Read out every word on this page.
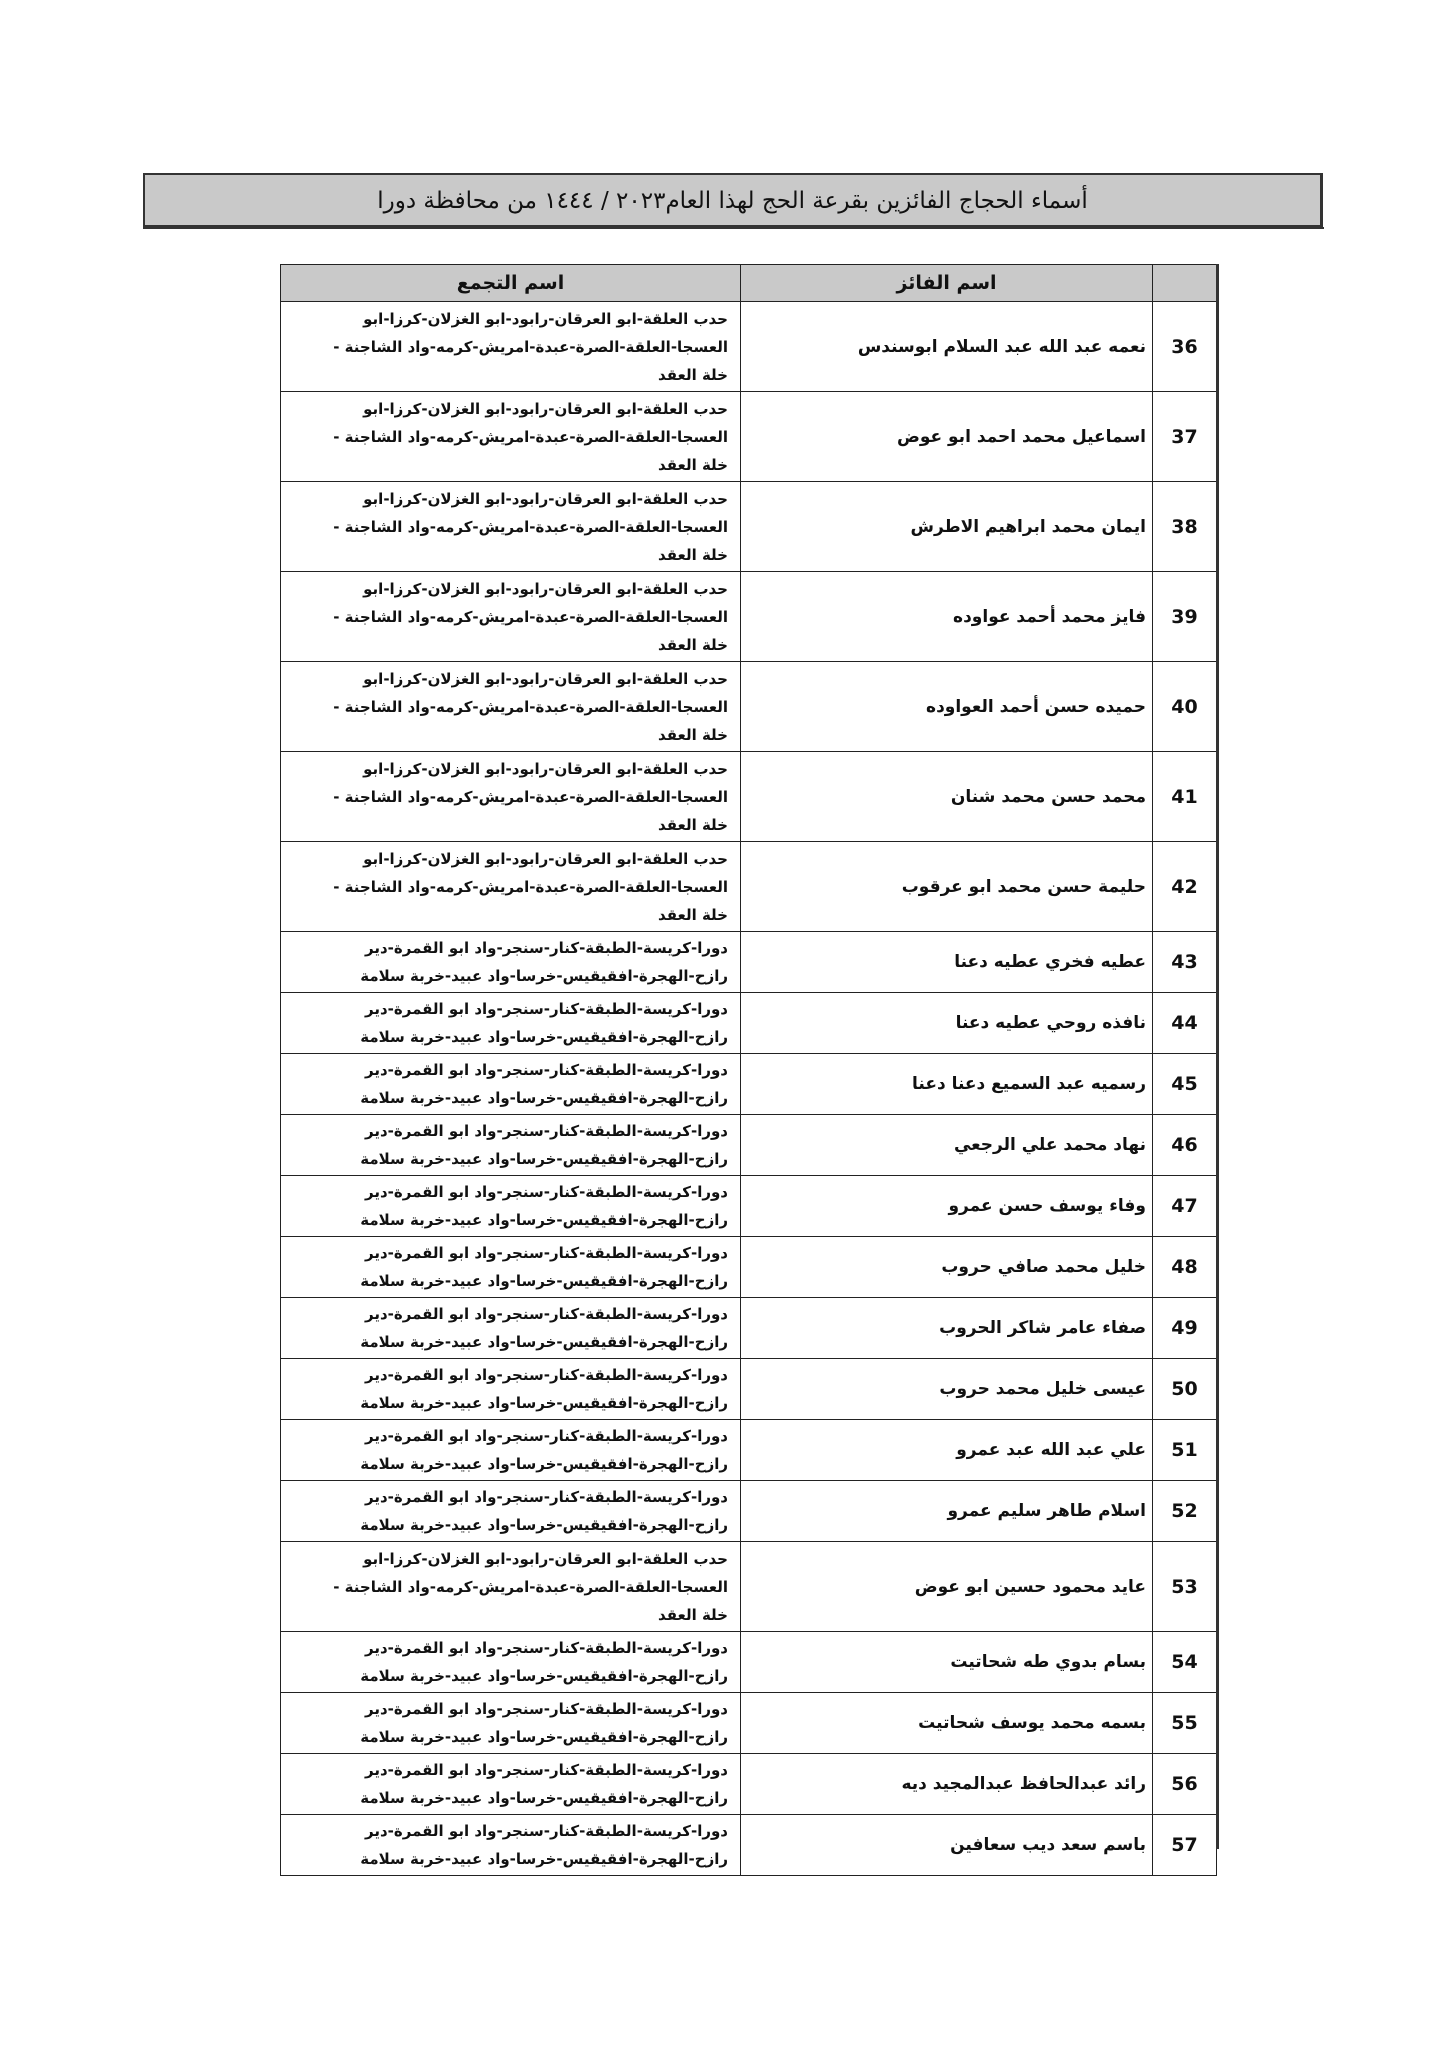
أسماء الحجاج الفائزين بقرعة الحج لهذا العام٢٠٢٣ / ١٤٤٤ من محافظة دورا
	اسم الفائز	اسم التجمع
36	نعمه عبد الله عبد السلام ابوسندس	حدب العلقة-ابو العرقان-رابود-ابو الغزلان-كرزا-ابو
العسجا-العلقة-الصرة-عبدة-امريش-كرمه-واد الشاجنة -
خلة العقد

37	اسماعيل محمد احمد ابو عوض	حدب العلقة-ابو العرقان-رابود-ابو الغزلان-كرزا-ابو
العسجا-العلقة-الصرة-عبدة-امريش-كرمه-واد الشاجنة -
خلة العقد

38	ايمان محمد ابراهيم الاطرش	حدب العلقة-ابو العرقان-رابود-ابو الغزلان-كرزا-ابو
العسجا-العلقة-الصرة-عبدة-امريش-كرمه-واد الشاجنة -
خلة العقد

39	فايز محمد أحمد عواوده	حدب العلقة-ابو العرقان-رابود-ابو الغزلان-كرزا-ابو
العسجا-العلقة-الصرة-عبدة-امريش-كرمه-واد الشاجنة -
خلة العقد

40	حميده حسن أحمد العواوده	حدب العلقة-ابو العرقان-رابود-ابو الغزلان-كرزا-ابو
العسجا-العلقة-الصرة-عبدة-امريش-كرمه-واد الشاجنة -
خلة العقد

41	محمد حسن محمد شنان	حدب العلقة-ابو العرقان-رابود-ابو الغزلان-كرزا-ابو
العسجا-العلقة-الصرة-عبدة-امريش-كرمه-واد الشاجنة -
خلة العقد

42	حليمة حسن محمد ابو عرقوب	حدب العلقة-ابو العرقان-رابود-ابو الغزلان-كرزا-ابو
العسجا-العلقة-الصرة-عبدة-امريش-كرمه-واد الشاجنة -
خلة العقد

43	عطيه فخري عطيه دعنا	دورا-كريسة-الطبقة-كنار-سنجر-واد ابو القمرة-دير
رازح-الهجرة-افقيقيس-خرسا-واد عبيد-خربة سلامة

44	نافذه روحي عطيه دعنا	دورا-كريسة-الطبقة-كنار-سنجر-واد ابو القمرة-دير
رازح-الهجرة-افقيقيس-خرسا-واد عبيد-خربة سلامة

45	رسميه عبد السميع دعنا دعنا	دورا-كريسة-الطبقة-كنار-سنجر-واد ابو القمرة-دير
رازح-الهجرة-افقيقيس-خرسا-واد عبيد-خربة سلامة

46	نهاد محمد علي الرجعي	دورا-كريسة-الطبقة-كنار-سنجر-واد ابو القمرة-دير
رازح-الهجرة-افقيقيس-خرسا-واد عبيد-خربة سلامة

47	وفاء يوسف حسن عمرو	دورا-كريسة-الطبقة-كنار-سنجر-واد ابو القمرة-دير
رازح-الهجرة-افقيقيس-خرسا-واد عبيد-خربة سلامة

48	خليل محمد صافي حروب	دورا-كريسة-الطبقة-كنار-سنجر-واد ابو القمرة-دير
رازح-الهجرة-افقيقيس-خرسا-واد عبيد-خربة سلامة

49	صفاء عامر شاكر الحروب	دورا-كريسة-الطبقة-كنار-سنجر-واد ابو القمرة-دير
رازح-الهجرة-افقيقيس-خرسا-واد عبيد-خربة سلامة

50	عيسى خليل محمد حروب	دورا-كريسة-الطبقة-كنار-سنجر-واد ابو القمرة-دير
رازح-الهجرة-افقيقيس-خرسا-واد عبيد-خربة سلامة

51	علي عبد الله عبد عمرو	دورا-كريسة-الطبقة-كنار-سنجر-واد ابو القمرة-دير
رازح-الهجرة-افقيقيس-خرسا-واد عبيد-خربة سلامة

52	اسلام طاهر سليم عمرو	دورا-كريسة-الطبقة-كنار-سنجر-واد ابو القمرة-دير
رازح-الهجرة-افقيقيس-خرسا-واد عبيد-خربة سلامة

53	عايد محمود حسين ابو عوض	حدب العلقة-ابو العرقان-رابود-ابو الغزلان-كرزا-ابو
العسجا-العلقة-الصرة-عبدة-امريش-كرمه-واد الشاجنة -
خلة العقد

54	بسام بدوي طه شحاتيت	دورا-كريسة-الطبقة-كنار-سنجر-واد ابو القمرة-دير
رازح-الهجرة-افقيقيس-خرسا-واد عبيد-خربة سلامة

55	بسمه محمد يوسف شحاتيت	دورا-كريسة-الطبقة-كنار-سنجر-واد ابو القمرة-دير
رازح-الهجرة-افقيقيس-خرسا-واد عبيد-خربة سلامة

56	رائد عبدالحافظ عبدالمجيد ديه	دورا-كريسة-الطبقة-كنار-سنجر-واد ابو القمرة-دير
رازح-الهجرة-افقيقيس-خرسا-واد عبيد-خربة سلامة

57	باسم سعد ديب سعافين	دورا-كريسة-الطبقة-كنار-سنجر-واد ابو القمرة-دير
رازح-الهجرة-افقيقيس-خرسا-واد عبيد-خربة سلامة
